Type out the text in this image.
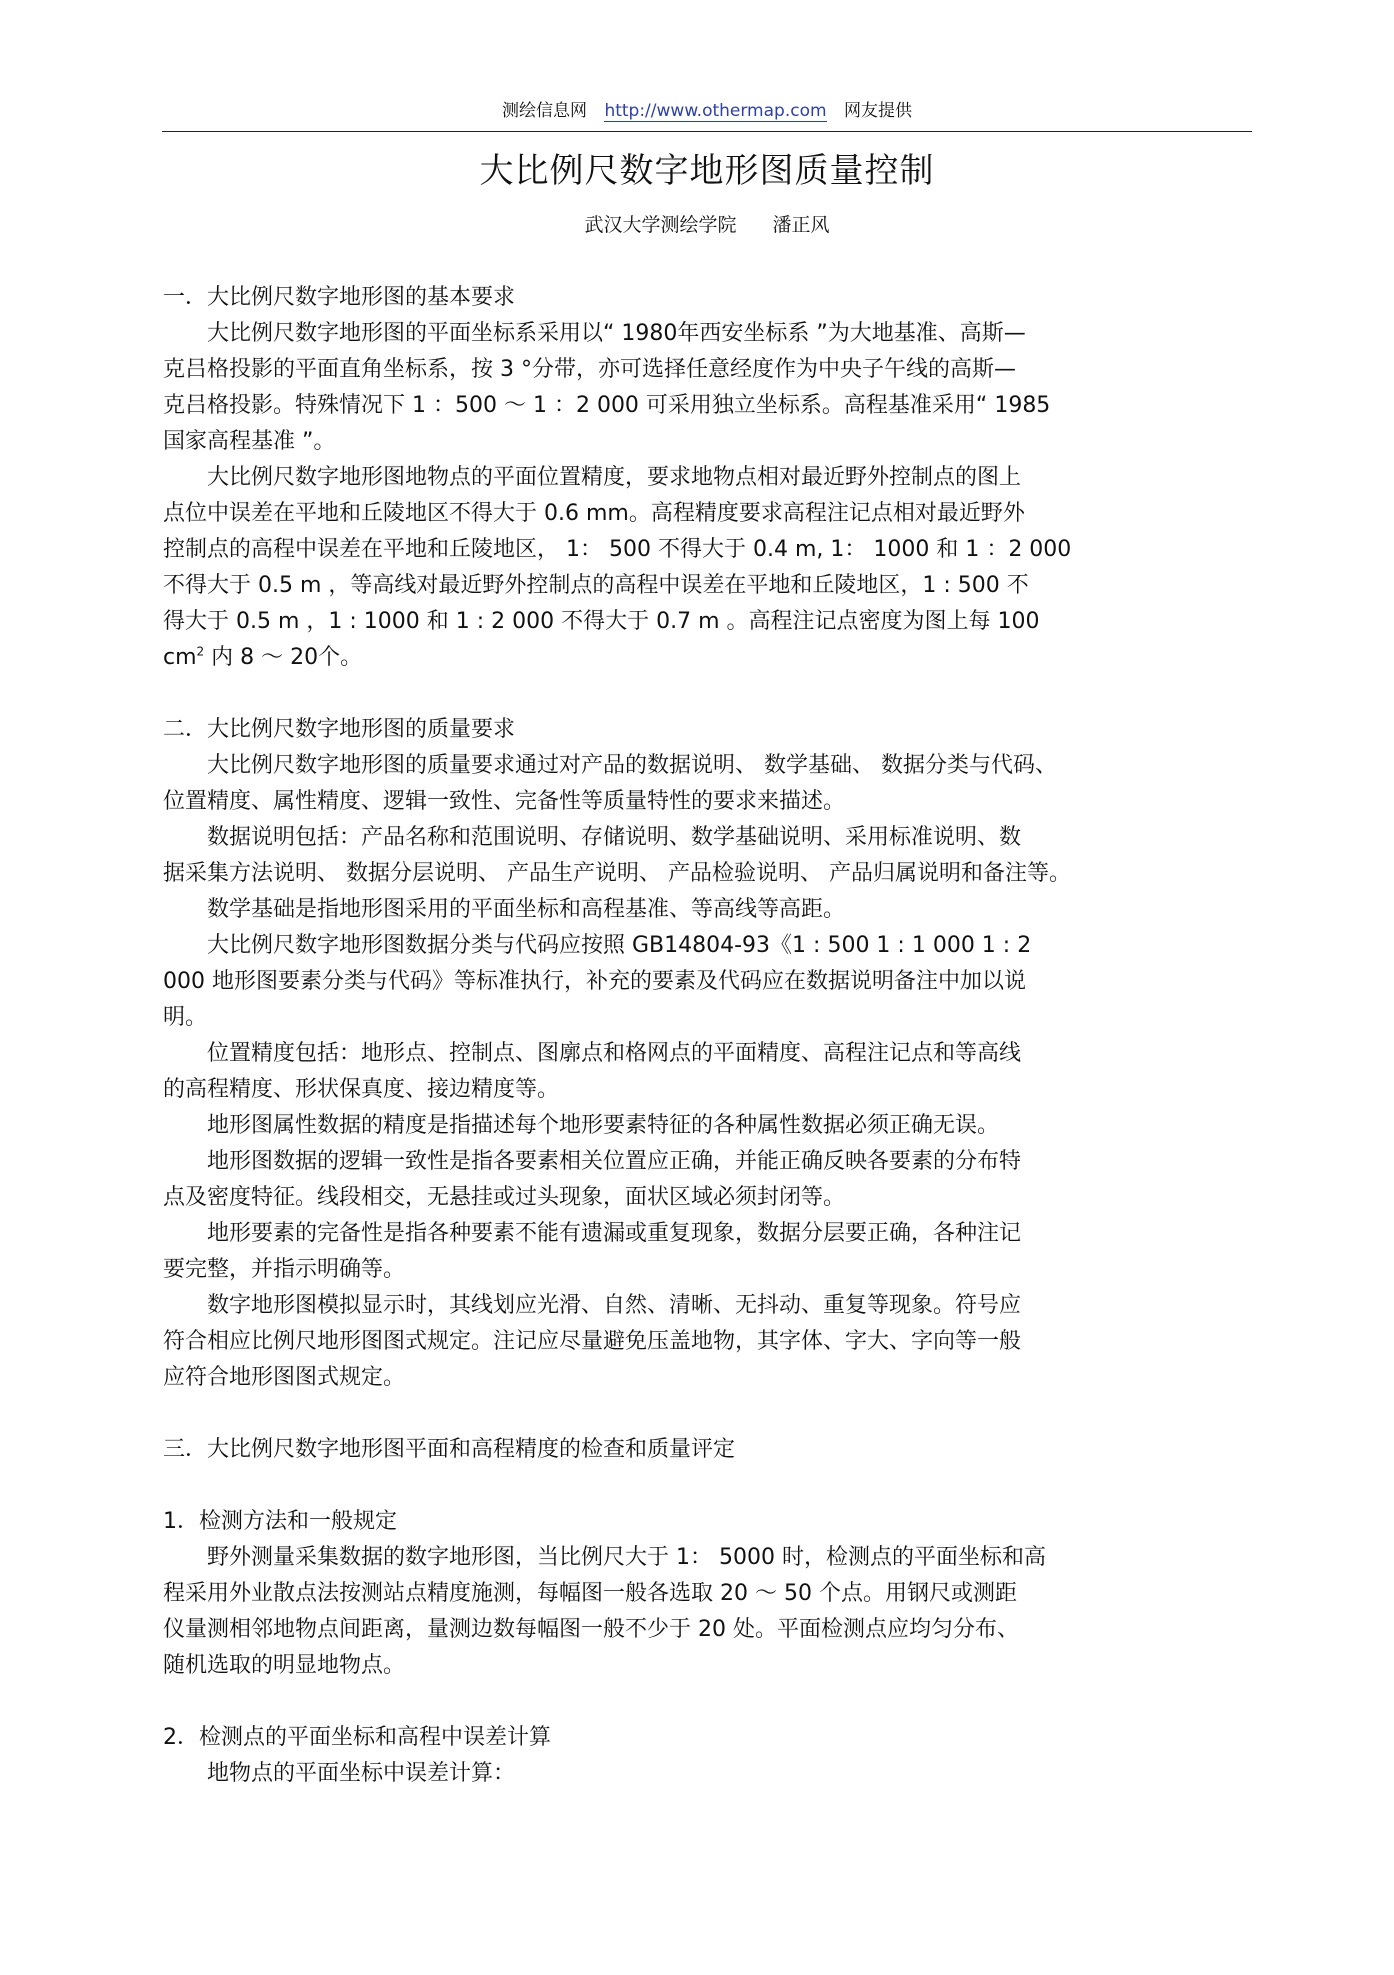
测绘信息网 http://www.othermap.com 网友提供
大比例尺数字地形图质量控制
武汉大学测绘学院 潘正风
一．大比例尺数字地形图的基本要求
大比例尺数字地形图的平面坐标系采用以“ 1980年西安坐标系 ”为大地基准、高斯—
克吕格投影的平面直角坐标系，按 3 °分带，亦可选择任意经度作为中央子午线的高斯—
克吕格投影。特殊情况下 1 ：500 ～ 1 ：2 000 可采用独立坐标系。高程基准采用“ 1985
国家高程基准 ”。
大比例尺数字地形图地物点的平面位置精度，要求地物点相对最近野外控制点的图上
点位中误差在平地和丘陵地区不得大于 0.6 mm。高程精度要求高程注记点相对最近野外
控制点的高程中误差在平地和丘陵地区， 1： 500 不得大于 0.4 m, 1： 1000 和 1 ：2 000
不得大于 0.5 m ，等高线对最近野外控制点的高程中误差在平地和丘陵地区，1 : 500 不
得大于 0.5 m ，1 : 1000 和 1 : 2 000 不得大于 0.7 m 。高程注记点密度为图上每 100
$cm^2$ 内 8 ～ 20个。
二．大比例尺数字地形图的质量要求
大比例尺数字地形图的质量要求通过对产品的数据说明、 数学基础、 数据分类与代码、
位置精度、属性精度、逻辑一致性、完备性等质量特性的要求来描述。
数据说明包括：产品名称和范围说明、存储说明、数学基础说明、采用标准说明、数
据采集方法说明、 数据分层说明、 产品生产说明、 产品检验说明、 产品归属说明和备注等。
数学基础是指地形图采用的平面坐标和高程基准、等高线等高距。
大比例尺数字地形图数据分类与代码应按照 GB14804-93《1 : 500 1 : 1 000 1 : 2
000 地形图要素分类与代码》等标准执行，补充的要素及代码应在数据说明备注中加以说
明。
位置精度包括：地形点、控制点、图廓点和格网点的平面精度、高程注记点和等高线
的高程精度、形状保真度、接边精度等。
地形图属性数据的精度是指描述每个地形要素特征的各种属性数据必须正确无误。
地形图数据的逻辑一致性是指各要素相关位置应正确，并能正确反映各要素的分布特
点及密度特征。线段相交，无悬挂或过头现象，面状区域必须封闭等。
地形要素的完备性是指各种要素不能有遗漏或重复现象，数据分层要正确，各种注记
要完整，并指示明确等。
数字地形图模拟显示时，其线划应光滑、自然、清晰、无抖动、重复等现象。符号应
符合相应比例尺地形图图式规定。注记应尽量避免压盖地物，其字体、字大、字向等一般
应符合地形图图式规定。
三．大比例尺数字地形图平面和高程精度的检查和质量评定
1．检测方法和一般规定
野外测量采集数据的数字地形图，当比例尺大于 1： 5000 时，检测点的平面坐标和高
程采用外业散点法按测站点精度施测，每幅图一般各选取 20 ～ 50 个点。用钢尺或测距
仪量测相邻地物点间距离，量测边数每幅图一般不少于 20 处。平面检测点应均匀分布、
随机选取的明显地物点。
2．检测点的平面坐标和高程中误差计算
地物点的平面坐标中误差计算：
